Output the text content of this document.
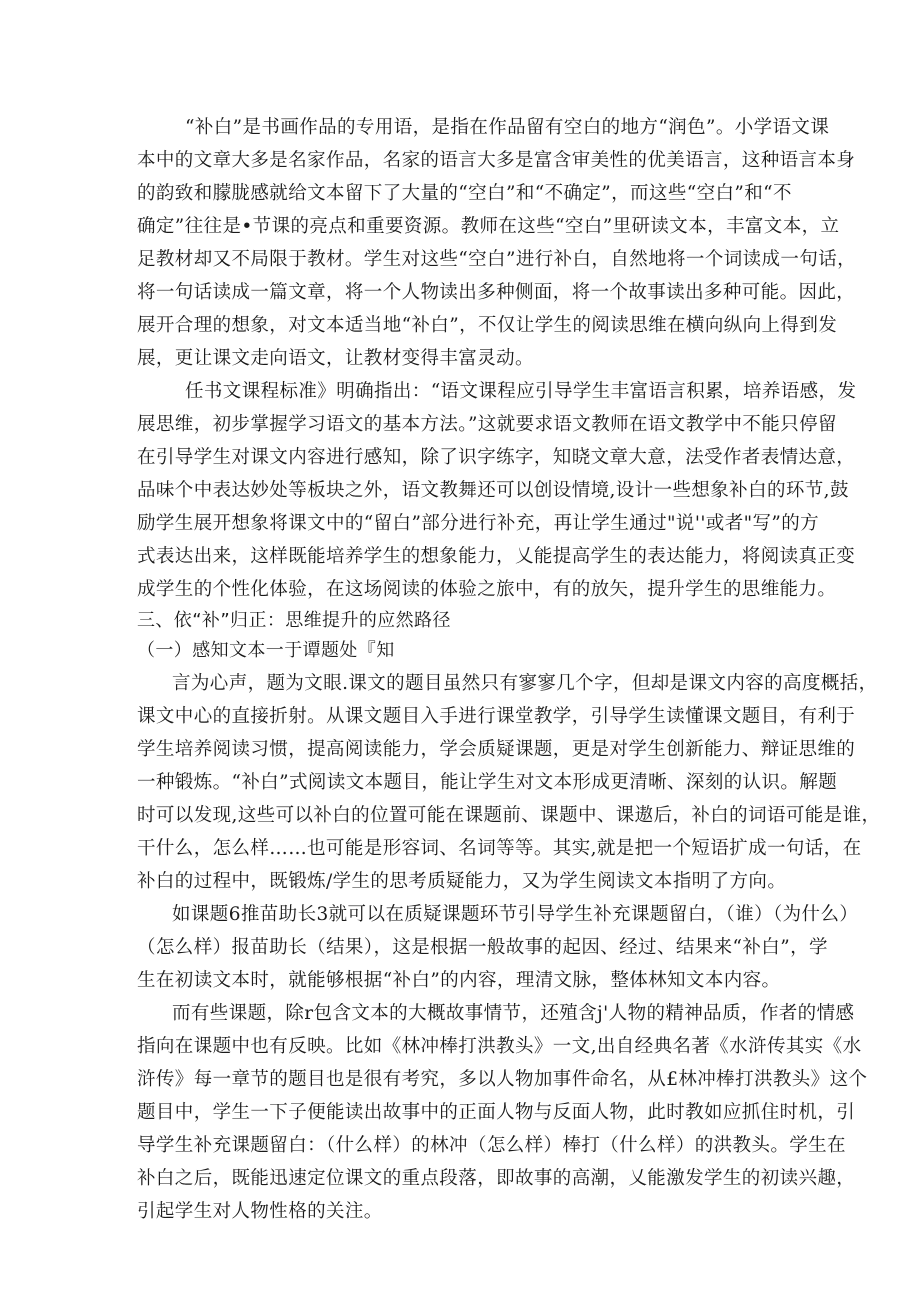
“补白”是书画作品的专用语，是指在作品留有空白的地方“润色”。小学语文课
本中的文章大多是名家作品，名家的语言大多是富含审美性的优美语言，这种语言本身
的韵致和朦胧感就给文本留下了大量的“空白”和“不确定”，而这些“空白”和“不
确定”往往是•节课的亮点和重要资源。教师在这些“空白”里研读文本，丰富文本，立
足教材却又不局限于教材。学生对这些“空白”进行补白，自然地将一个词读成一句话，
将一句话读成一篇文章，将一个人物读出多种侧面，将一个故事读出多种可能。因此，
展开合理的想象，对文本适当地“补白”，不仅让学生的阅读思维在横向纵向上得到发
展，更让课文走向语文，让教材变得丰富灵动。
任书文课程标准》明确指出：“语文课程应引导学生丰富语言积累，培养语感，发
展思维，初步掌握学习语文的基本方法。”这就要求语文教师在语文教学中不能只停留
在引导学生对课文内容进行感知，除了识字练字，知晓文章大意，法受作者表情达意，
品味个中表达妙处等板块之外，语文教舞还可以创设情境,设计一些想象补白的环节,鼓
励学生展开想象将课文中的“留白”部分进行补充，再让学生通过"说''或者"写”的方
式表达出来，这样既能培养学生的想象能力，乂能提高学生的表达能力，将阅读真正变
成学生的个性化体验，在这场阅读的体验之旅中，有的放矢，提升学生的思维能力。
三、依“补”归正：思维提升的应然路径
（一）感知文本一于谭题处『知
言为心声，题为文眼.课文的题目虽然只有寥寥几个字，但却是课文内容的高度概括，
课文中心的直接折射。从课文题目入手进行课堂教学，引导学生读懂课文题目，有利于
学生培养阅读习惯，提高阅读能力，学会质疑课题，更是对学生创新能力、辩证思维的
一种锻炼。“补白”式阅读文本题目，能让学生对文本形成更清晰、深刻的认识。解题
时可以发现,这些可以补白的位置可能在课题前、课题中、课遨后，补白的词语可能是谁，
干什么，怎么样……也可能是形容词、名词等等。其实,就是把一个短语扩成一句话，在
补白的过程中，既锻炼/学生的思考质疑能力，又为学生阅读文本指明了方向。
如课题6推苗助长3就可以在质疑课题环节引导学生补充课题留白，（谁）（为什么）
（怎么样）报苗助长（结果），这是根据一般故事的起因、经过、结果来“补白”，学
生在初读文本时，就能够根据“补白”的内容，理清文脉，整体林知文本内容。
而有些课题，除r包含文本的大概故事情节，还殖含j'人物的精神品质，作者的情感
指向在课题中也有反映。比如《林冲棒打洪教头》一文,出自经典名著《水浒传其实《水
浒传》每一章节的题目也是很有考究，多以人物加事件命名，从£林冲棒打洪教头》这个
题目中，学生一下子便能读出故事中的正面人物与反面人物，此时教如应抓住时机，引
导学生补充课题留白：（什么样）的林冲（怎么样）棒打（什么样）的洪教头。学生在
补白之后，既能迅速定位课文的重点段落，即故事的高潮，乂能激发学生的初读兴趣，
引起学生对人物性格的关注。
